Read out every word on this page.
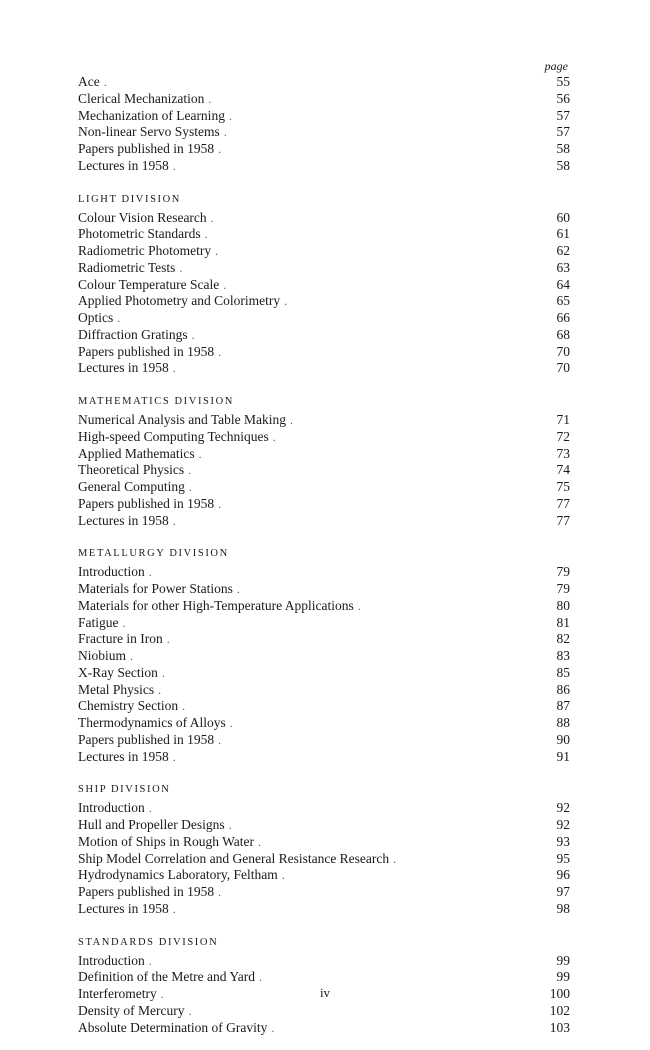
page
Ace .	55
Clerical Mechanization .	56
Mechanization of Learning .	57
Non-linear Servo Systems .	57
Papers published in 1958 .	58
Lectures in 1958 .	58
LIGHT DIVISION
Colour Vision Research .	60
Photometric Standards .	61
Radiometric Photometry .	62
Radiometric Tests .	63
Colour Temperature Scale .	64
Applied Photometry and Colorimetry .	65
Optics .	66
Diffraction Gratings .	68
Papers published in 1958 .	70
Lectures in 1958 .	70
MATHEMATICS DIVISION
Numerical Analysis and Table Making .	71
High-speed Computing Techniques .	72
Applied Mathematics .	73
Theoretical Physics .	74
General Computing .	75
Papers published in 1958 .	77
Lectures in 1958 .	77
METALLURGY DIVISION
Introduction .	79
Materials for Power Stations .	79
Materials for other High-Temperature Applications .	80
Fatigue .	81
Fracture in Iron .	82
Niobium .	83
X-Ray Section .	85
Metal Physics .	86
Chemistry Section .	87
Thermodynamics of Alloys .	88
Papers published in 1958 .	90
Lectures in 1958 .	91
SHIP DIVISION
Introduction .	92
Hull and Propeller Designs .	92
Motion of Ships in Rough Water .	93
Ship Model Correlation and General Resistance Research .	95
Hydrodynamics Laboratory, Feltham .	96
Papers published in 1958 .	97
Lectures in 1958 .	98
STANDARDS DIVISION
Introduction .	99
Definition of the Metre and Yard .	99
Interferometry .	100
Density of Mercury .	102
Absolute Determination of Gravity .	103
iv
